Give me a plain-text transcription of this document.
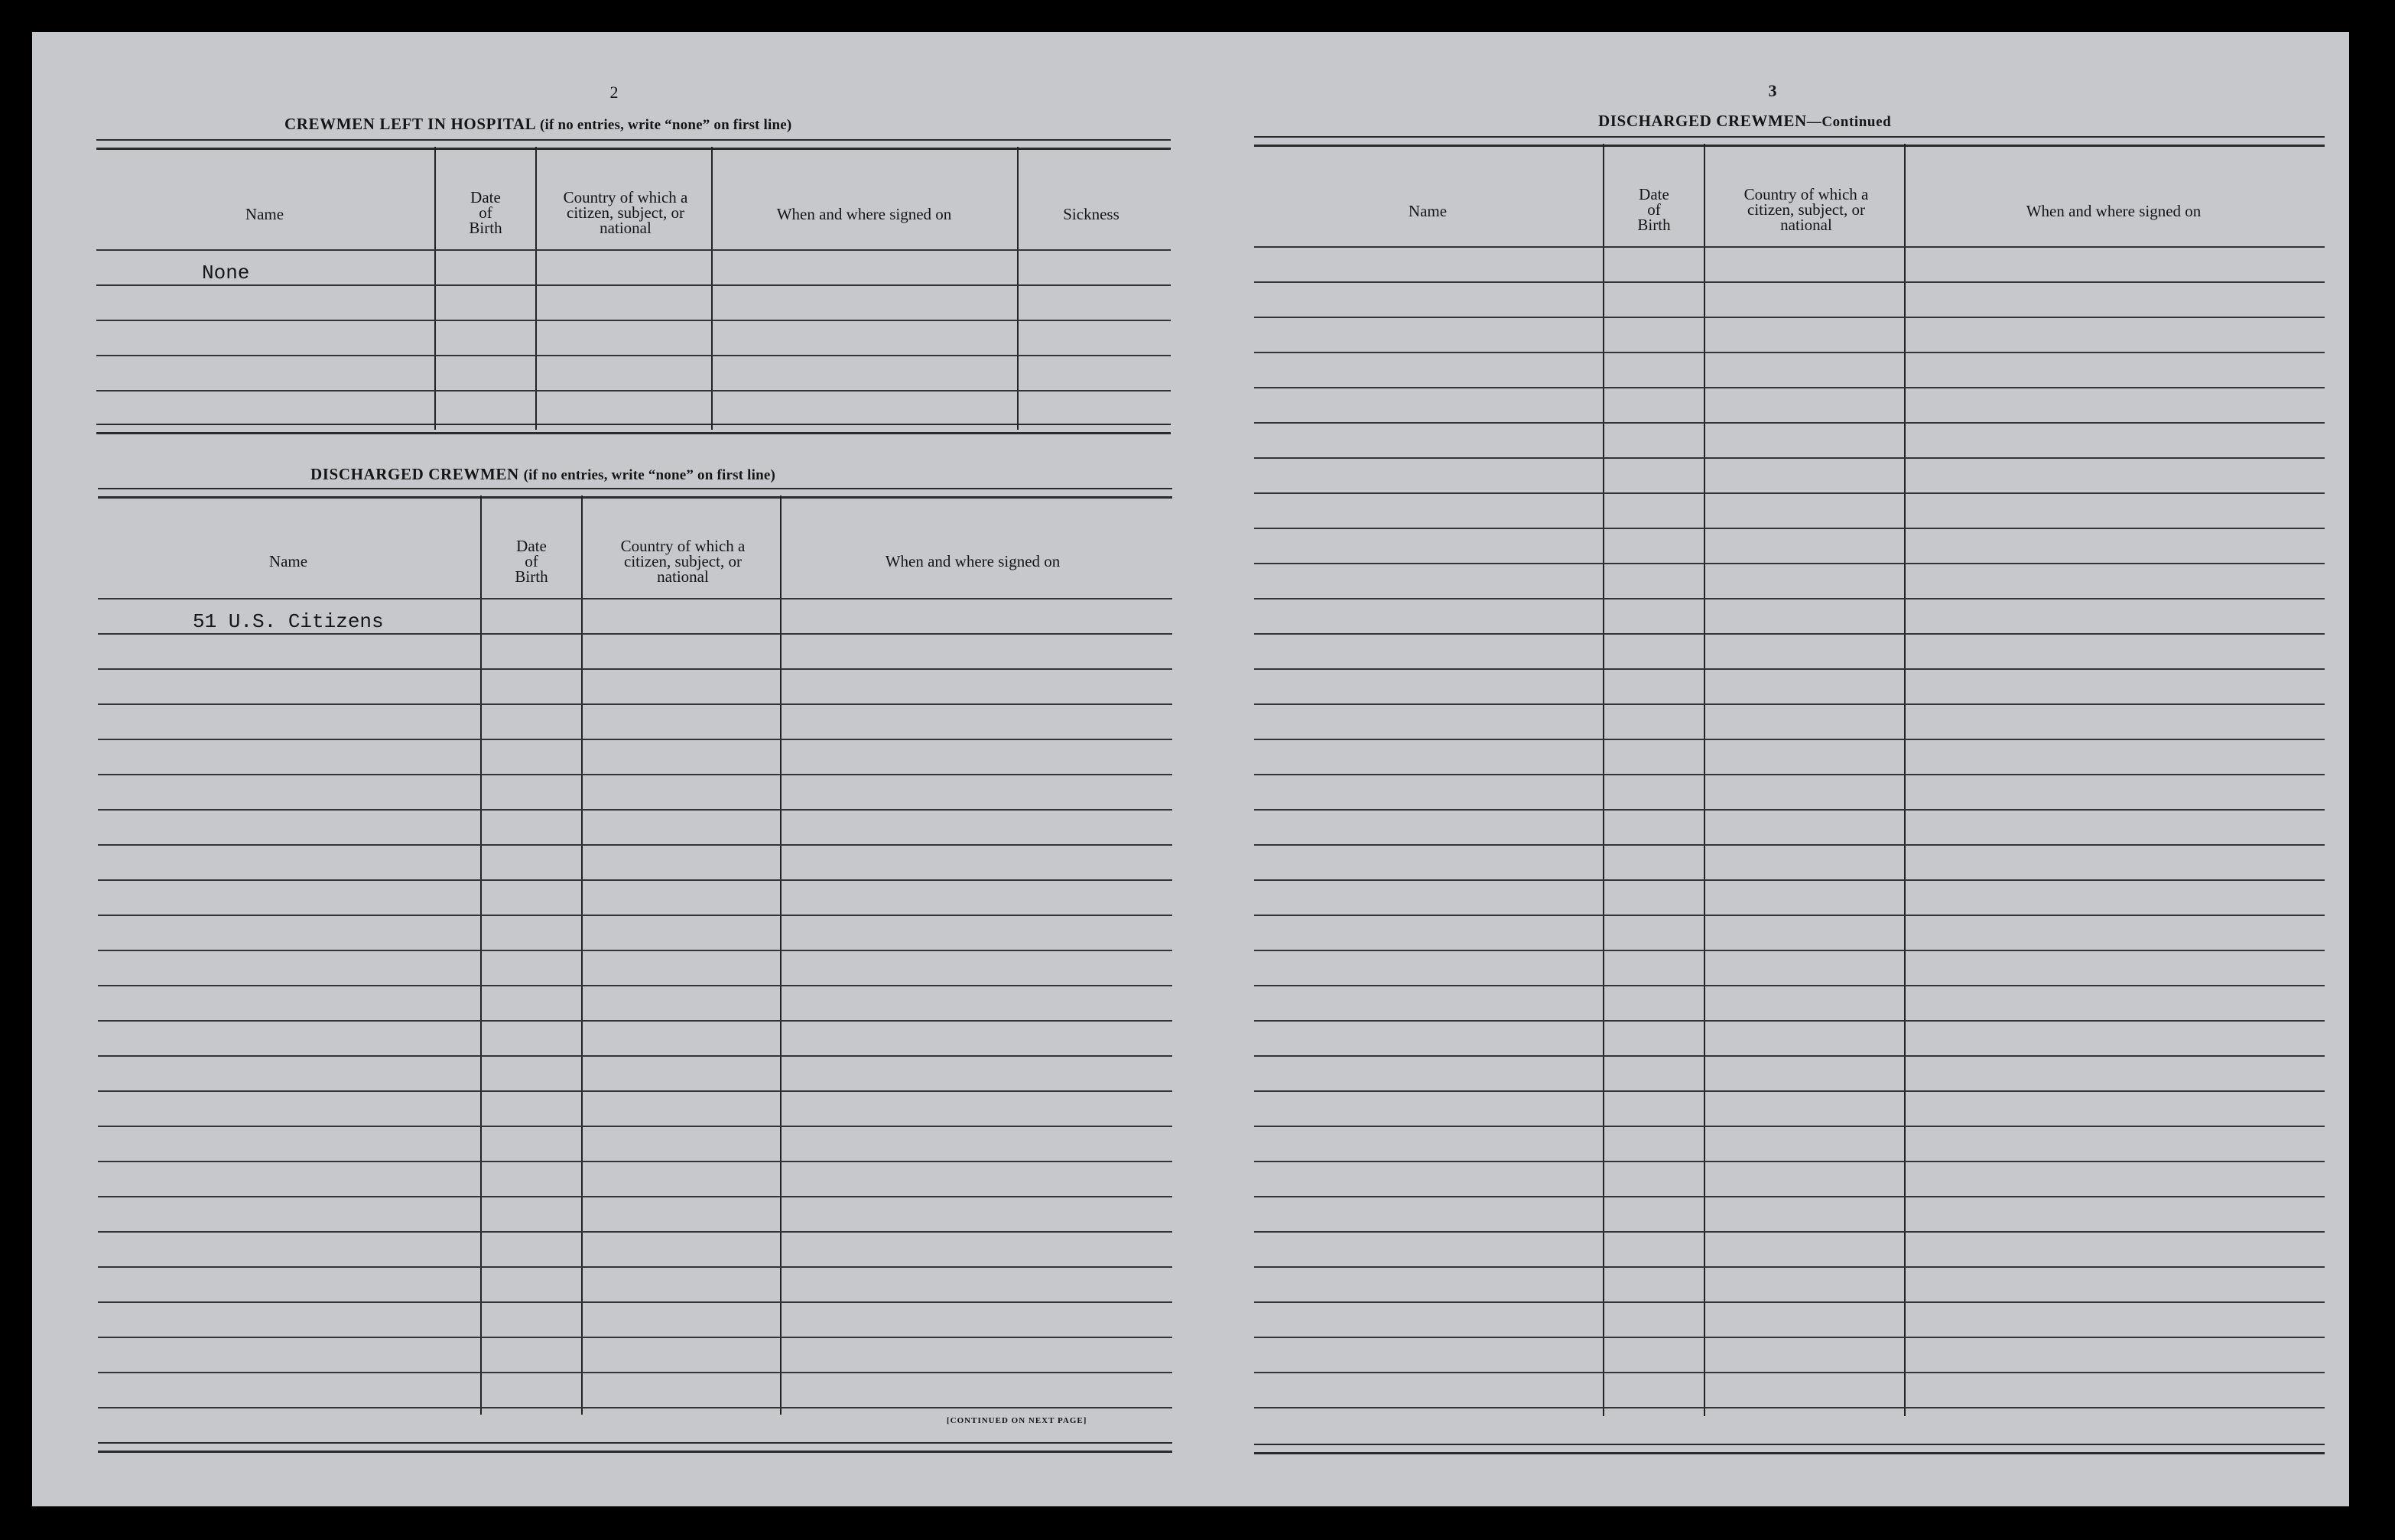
2
CREWMEN LEFT IN HOSPITAL (if no entries, write “none” on first line)
Name
Date
of
Birth
Country of which a
citizen, subject, or
national
When and where signed on	Sickness
None
DISCHARGED CREWMEN (if no entries, write “none” on first line)
Name
Date
of
Birth
Country of which a
citizen, subject, or
national
When and where signed on
51 U.S. Citizens
[CONTINUED ON NEXT PAGE]
3
DISCHARGED CREWMEN—Continued
Name
Date
of
Birth
Country of which a
citizen, subject, or
national
When and where signed on
